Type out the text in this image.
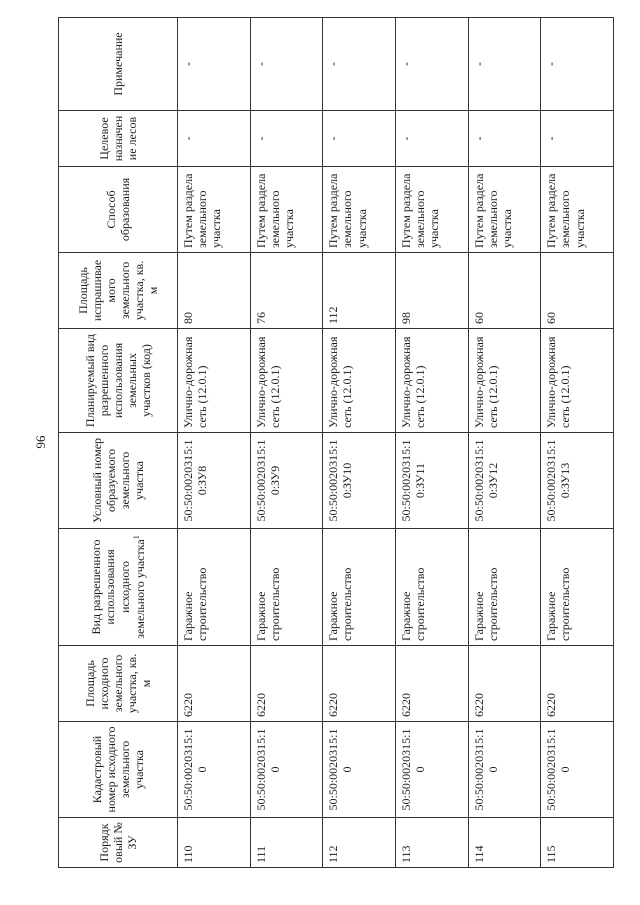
96
Порядковый № ЗУ	Кадастровый номер исходного земельного участка	Площадь исходного земельного участка, кв. м	Вид разрешенного использования исходного земельного участка$^1$	Условный номер образуемого земельного участка	Планируемый вид разрешенного использования земельных участков (код)	Площадь испрашиваемого земельного участка, кв. м	Способ образования	Целевое назначение лесов	Примечание
110	50:50:0020315:10	6220	Гаражное строительство	50:50:0020315:10:ЗУ8	Улично-дорожная сеть (12.0.1)	80	Путем раздела земельного участка	-	-
111	50:50:0020315:10	6220	Гаражное строительство	50:50:0020315:10:ЗУ9	Улично-дорожная сеть (12.0.1)	76	Путем раздела земельного участка	-	-
112	50:50:0020315:10	6220	Гаражное строительство	50:50:0020315:10:ЗУ10	Улично-дорожная сеть (12.0.1)	112	Путем раздела земельного участка	-	-
113	50:50:0020315:10	6220	Гаражное строительство	50:50:0020315:10:ЗУ11	Улично-дорожная сеть (12.0.1)	98	Путем раздела земельного участка	-	-
114	50:50:0020315:10	6220	Гаражное строительство	50:50:0020315:10:ЗУ12	Улично-дорожная сеть (12.0.1)	60	Путем раздела земельного участка	-	-
115	50:50:0020315:10	6220	Гаражное строительство	50:50:0020315:10:ЗУ13	Улично-дорожная сеть (12.0.1)	60	Путем раздела земельного участка	-	-
